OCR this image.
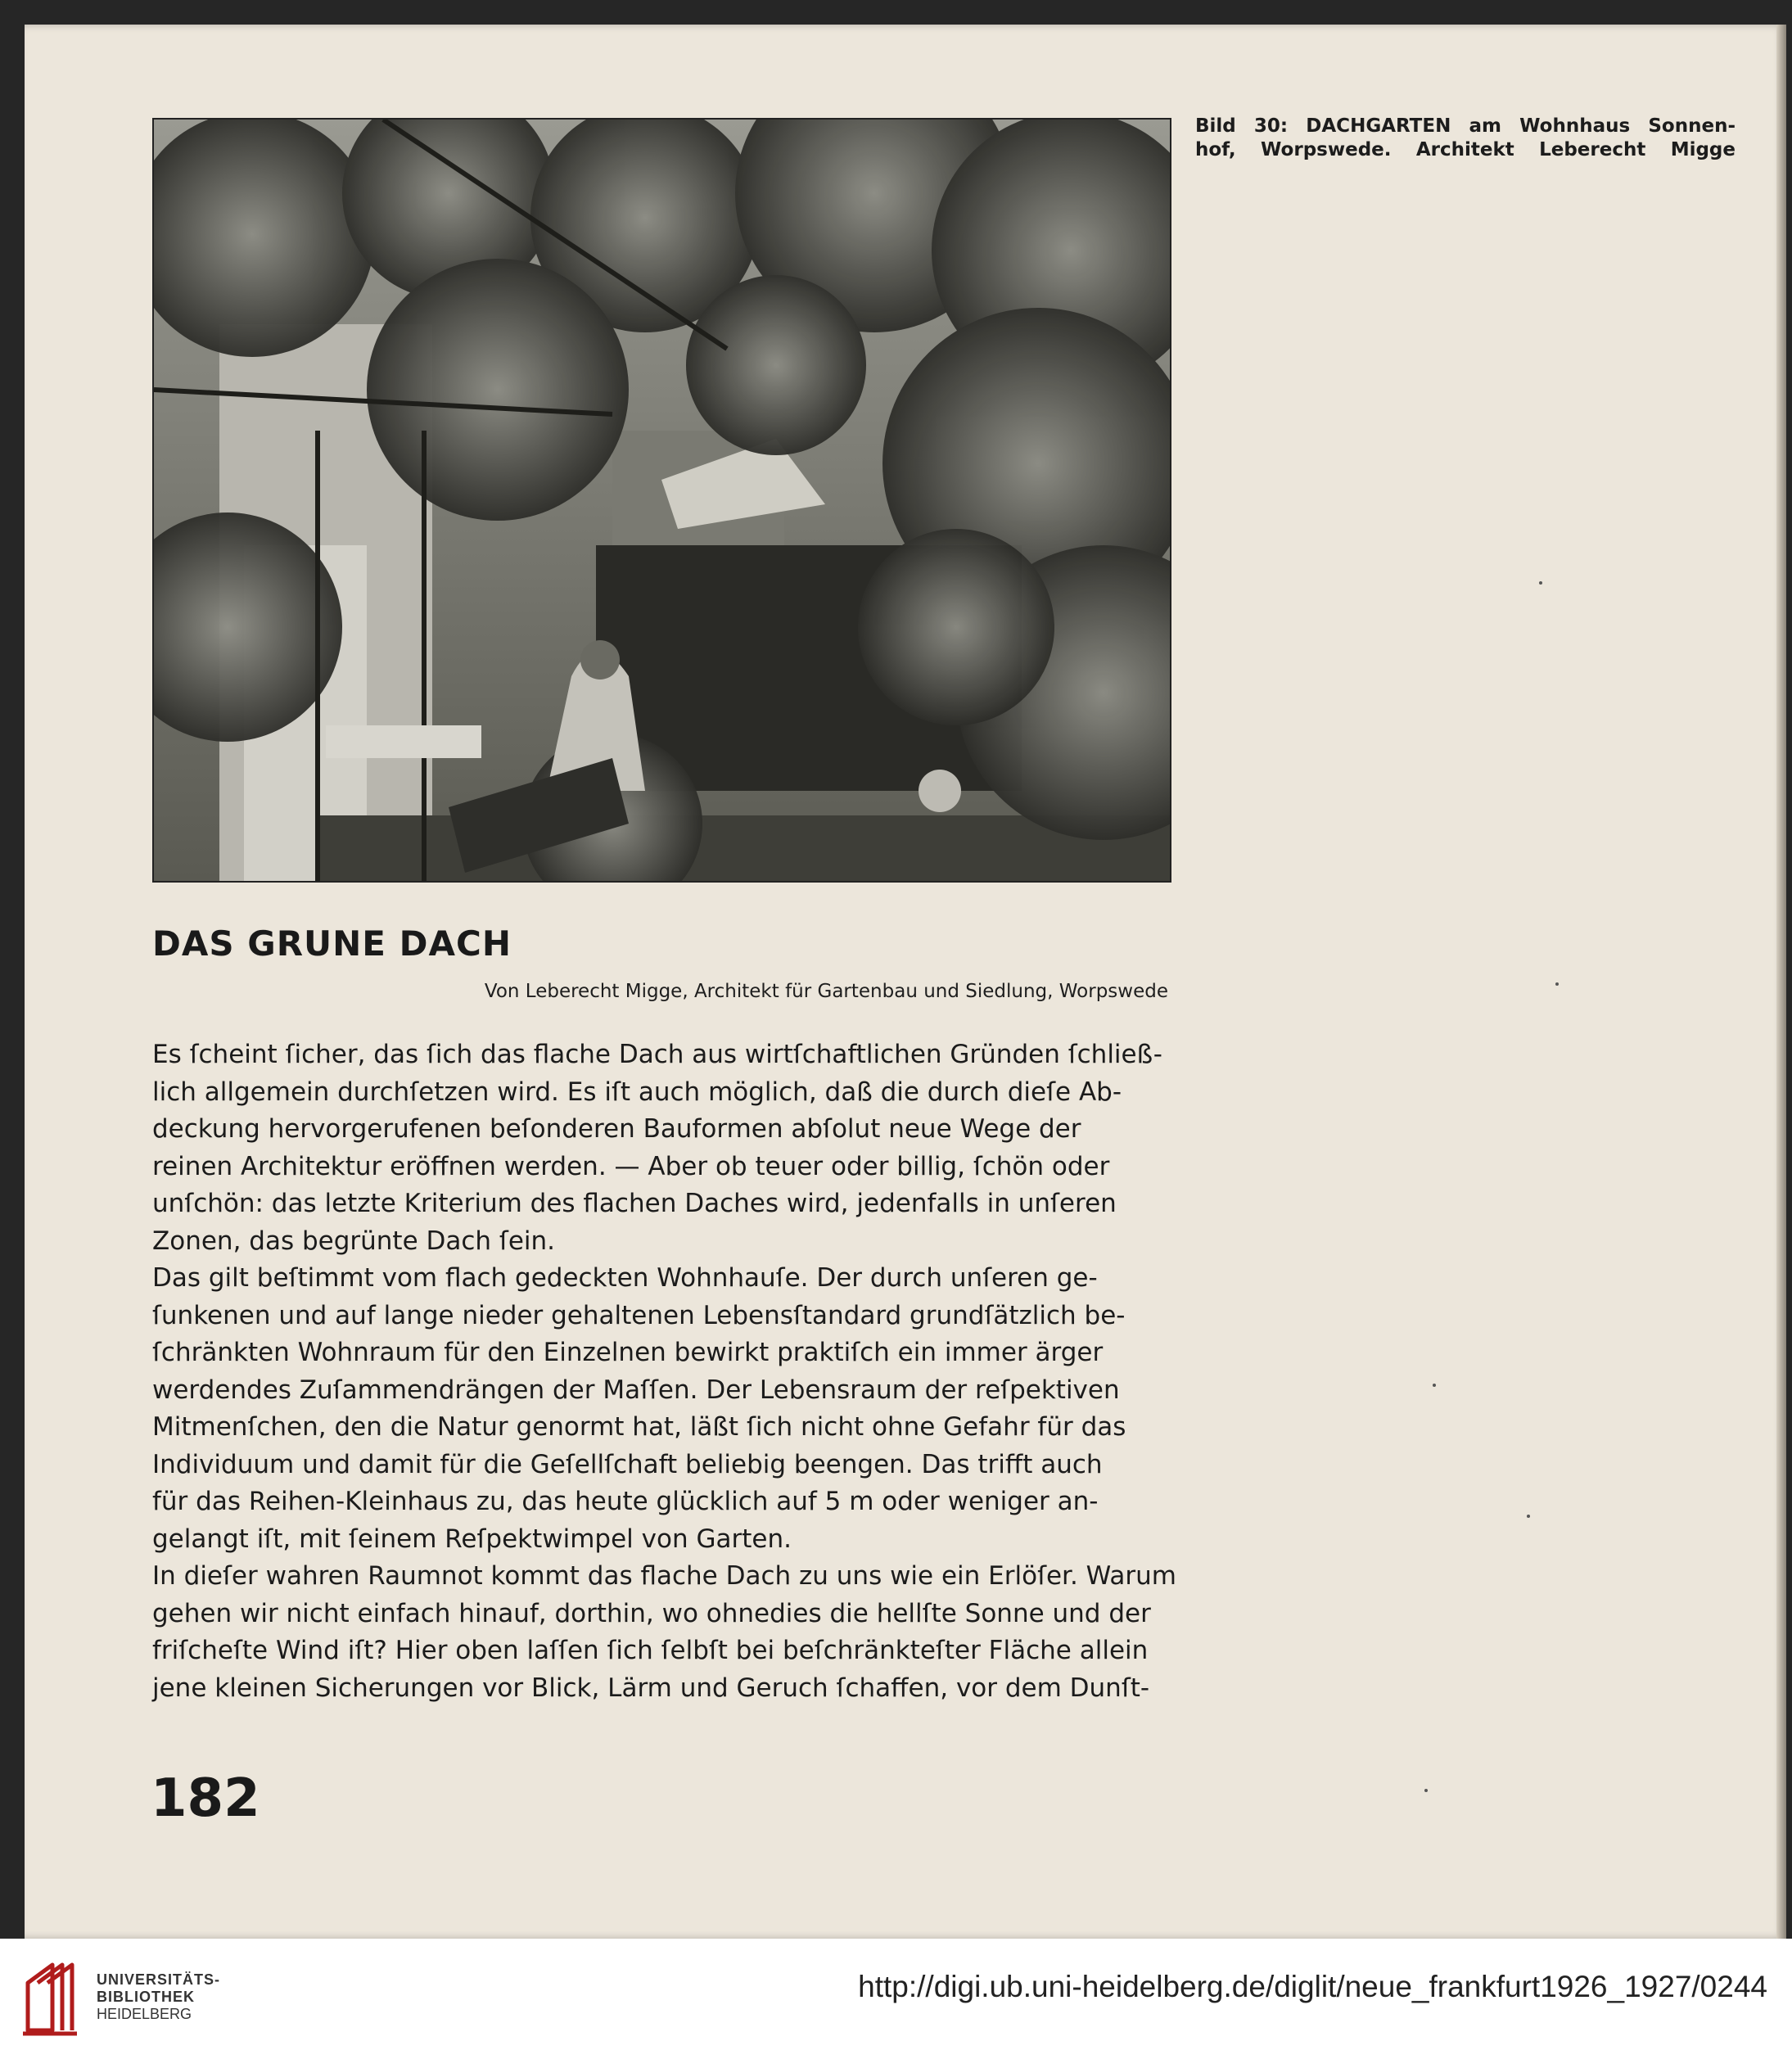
Bild 30: DACHGARTEN am Wohnhaus Sonnen-
hof, Worpswede. Architekt Leberecht Migge
DAS GRUNE DACH
Von Leberecht Migge, Architekt für Gartenbau und Siedlung, Worpswede
Es ſcheint ſicher, das ſich das flache Dach aus wirtſchaftlichen Gründen ſchließ-
lich allgemein durchſetzen wird. Es iſt auch möglich, daß die durch dieſe Ab-
deckung hervorgerufenen beſonderen Bauformen abſolut neue Wege der
reinen Architektur eröffnen werden. — Aber ob teuer oder billig, ſchön oder
unſchön: das letzte Kriterium des flachen Daches wird, jedenfalls in unſeren
Zonen, das begrünte Dach ſein.
Das gilt beſtimmt vom flach gedeckten Wohnhauſe. Der durch unſeren ge-
ſunkenen und auf lange nieder gehaltenen Lebensſtandard grundſätzlich be-
ſchränkten Wohnraum für den Einzelnen bewirkt praktiſch ein immer ärger
werdendes Zuſammendrängen der Maſſen. Der Lebensraum der reſpektiven
Mitmenſchen, den die Natur genormt hat, läßt ſich nicht ohne Gefahr für das
Individuum und damit für die Geſellſchaft beliebig beengen. Das trifft auch
für das Reihen-Kleinhaus zu, das heute glücklich auf 5 m oder weniger an-
gelangt iſt, mit ſeinem Reſpektwimpel von Garten.
In dieſer wahren Raumnot kommt das flache Dach zu uns wie ein Erlöſer. Warum
gehen wir nicht einfach hinauf, dorthin, wo ohnedies die hellſte Sonne und der
friſcheſte Wind iſt? Hier oben laſſen ſich ſelbſt bei beſchränkteſter Fläche allein
jene kleinen Sicherungen vor Blick, Lärm und Geruch ſchaffen, vor dem Dunſt-
182
UNIVERSITÄTS-
BIBLIOTHEK
HEIDELBERG
http://digi.ub.uni-heidelberg.de/diglit/neue_frankfurt1926_1927/0244
